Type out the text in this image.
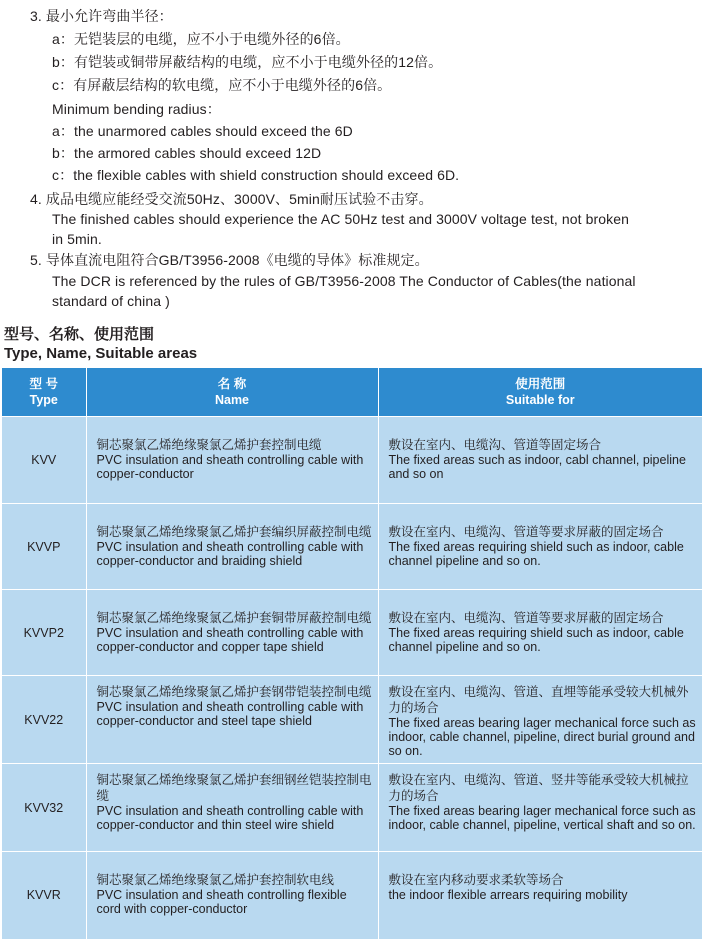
3. 最小允许弯曲半径：
a：无铠装层的电缆，应不小于电缆外径的6倍。
b：有铠装或铜带屏蔽结构的电缆，应不小于电缆外径的12倍。
c：有屏蔽层结构的软电缆，应不小于电缆外径的6倍。
Minimum bending radius：
a：the unarmored cables should exceed the 6D
b：the armored cables should exceed 12D
c：the flexible cables with shield construction should exceed 6D.
4. 成品电缆应能经受交流50Hz、3000V、5min耐压试验不击穿。
The finished cables should experience the AC 50Hz test and 3000V voltage test, not broken
in 5min.
5. 导体直流电阻符合GB/T3956-2008《电缆的导体》标准规定。
The DCR is referenced by the rules of GB/T3956-2008 The Conductor of Cables(the national
standard of china )
型号、名称、使用范围
Type, Name, Suitable areas
型 号
Type	名 称
Name	使用范围
Suitable for

KVV	铜芯聚氯乙烯绝缘聚氯乙烯护套控制电缆
PVC insulation and sheath controlling cable with copper-conductor	敷设在室内、电缆沟、管道等固定场合
The fixed areas such as indoor, cabl channel, pipeline and so on

KVVP	铜芯聚氯乙烯绝缘聚氯乙烯护套编织屏蔽控制电缆
PVC insulation and sheath controlling cable with copper-conductor and braiding shield	敷设在室内、电缆沟、管道等要求屏蔽的固定场合
The fixed areas requiring shield such as indoor, cable channel pipeline and so on.

KVVP2	铜芯聚氯乙烯绝缘聚氯乙烯护套铜带屏蔽控制电缆
PVC insulation and sheath controlling cable with copper-conductor and copper tape shield	敷设在室内、电缆沟、管道等要求屏蔽的固定场合
The fixed areas requiring shield such as indoor, cable channel pipeline and so on.

KVV22	铜芯聚氯乙烯绝缘聚氯乙烯护套钢带铠装控制电缆
PVC insulation and sheath controlling cable with copper-conductor and steel tape shield	敷设在室内、电缆沟、管道、直埋等能承受较大机械外力的场合
The fixed areas bearing lager mechanical force such as indoor, cable channel, pipeline, direct burial ground and so on.

KVV32	铜芯聚氯乙烯绝缘聚氯乙烯护套细钢丝铠装控制电缆
PVC insulation and sheath controlling cable with copper-conductor and thin steel wire shield	敷设在室内、电缆沟、管道、竖井等能承受较大机械拉力的场合
The fixed areas bearing lager mechanical force such as indoor, cable channel, pipeline, vertical shaft and so on.

KVVR	铜芯聚氯乙烯绝缘聚氯乙烯护套控制软电线
PVC insulation and sheath controlling flexible cord with copper-conductor	敷设在室内移动要求柔软等场合
the indoor flexible arrears requiring mobility
